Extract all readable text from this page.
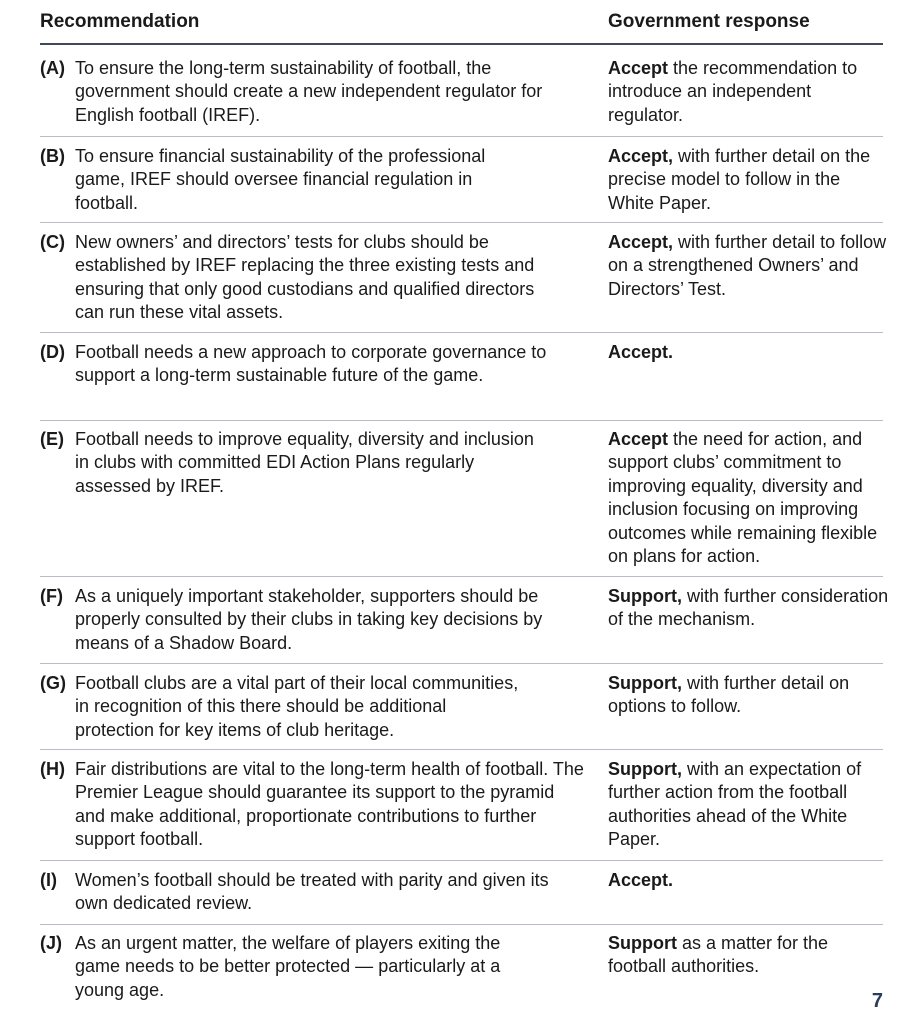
Recommendation	Government response
(A) To ensure the long-term sustainability of football, the government should create a new independent regulator for English football (IREF).
Accept the recommendation to introduce an independent regulator.
(B) To ensure financial sustainability of the professional game, IREF should oversee financial regulation in football.
Accept, with further detail on the precise model to follow in the White Paper.
(C) New owners’ and directors’ tests for clubs should be established by IREF replacing the three existing tests and ensuring that only good custodians and qualified directors can run these vital assets.
Accept, with further detail to follow on a strengthened Owners’ and Directors’ Test.
(D) Football needs a new approach to corporate governance to support a long-term sustainable future of the game.
Accept.
(E) Football needs to improve equality, diversity and inclusion in clubs with committed EDI Action Plans regularly assessed by IREF.
Accept the need for action, and support clubs’ commitment to improving equality, diversity and inclusion focusing on improving outcomes while remaining flexible on plans for action.
(F) As a uniquely important stakeholder, supporters should be properly consulted by their clubs in taking key decisions by means of a Shadow Board.
Support, with further consideration of the mechanism.
(G) Football clubs are a vital part of their local communities, in recognition of this there should be additional protection for key items of club heritage.
Support, with further detail on options to follow.
(H) Fair distributions are vital to the long-term health of football. The Premier League should guarantee its support to the pyramid and make additional, proportionate contributions to further support football.
Support, with an expectation of further action from the football authorities ahead of the White Paper.
(I) Women’s football should be treated with parity and given its own dedicated review.
Accept.
(J) As an urgent matter, the welfare of players exiting the game needs to be better protected — particularly at a young age.
Support as a matter for the football authorities.
7
